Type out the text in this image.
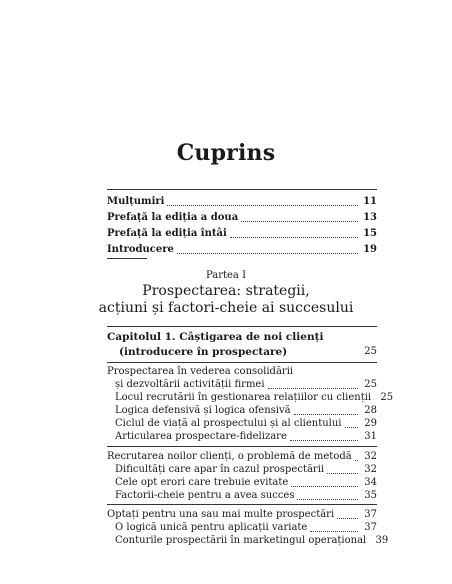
Cuprins
Mulțumiri	11
Prefață la ediția a doua	13
Prefață la ediția întâi	15
Introducere	19
Partea I
Prospectarea: strategii,
acțiuni și factori-cheie ai succesului
Capitolul 1. Câștigarea de noi clienți
(introducere în prospectare)	25
Prospectarea în vederea consolidării
și dezvoltării activității firmei	25
Locul recrutării în gestionarea relațiilor cu clienții 25
Logica defensivă și logica ofensivă	28
Ciclul de viață al prospectului și al clientului	29
Articularea prospectare-fidelizare	31
Recrutarea noilor clienți, o problemă de metodă	32
Dificultăți care apar în cazul prospectării	32
Cele opt erori care trebuie evitate	34
Factorii-cheie pentru a avea succes	35
Optați pentru una sau mai multe prospectări	37
O logică unică pentru aplicații variate	37
Conturile prospectării în marketingul operațional 39
